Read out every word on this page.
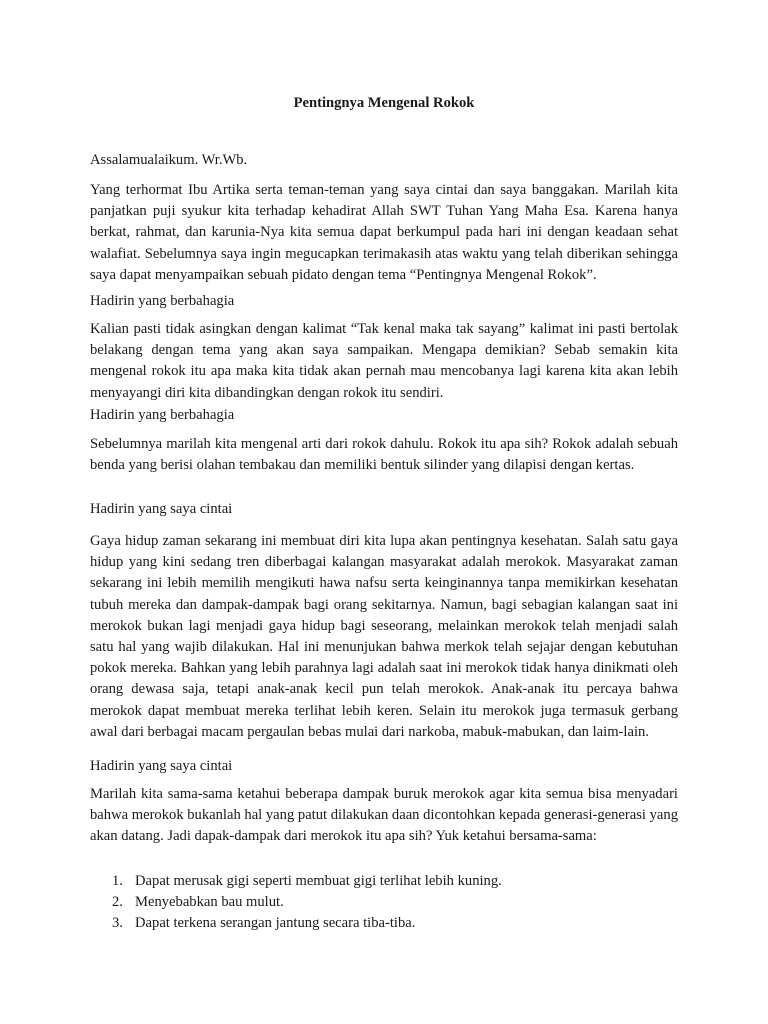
Pentingnya Mengenal Rokok

Assalamualaikum. Wr.Wb.

Yang terhormat Ibu Artika serta teman-teman yang saya cintai dan saya banggakan. Marilah kita panjatkan puji syukur kita terhadap kehadirat Allah SWT Tuhan Yang Maha Esa. Karena hanya berkat, rahmat, dan karunia-Nya kita semua dapat berkumpul pada hari ini dengan keadaan sehat walafiat. Sebelumnya saya ingin megucapkan terimakasih atas waktu yang telah diberikan sehingga saya dapat menyampaikan sebuah pidato dengan tema “Pentingnya Mengenal Rokok”.

Hadirin yang berbahagia

Kalian pasti tidak asingkan dengan kalimat “Tak kenal maka tak sayang” kalimat ini pasti bertolak belakang dengan tema yang akan saya sampaikan. Mengapa demikian? Sebab semakin kita mengenal rokok itu apa maka kita tidak akan pernah mau mencobanya lagi karena kita akan lebih menyayangi diri kita dibandingkan dengan rokok itu sendiri.

Hadirin yang berbahagia

Sebelumnya marilah kita mengenal arti dari rokok dahulu. Rokok itu apa sih? Rokok adalah sebuah benda yang berisi olahan tembakau dan memiliki bentuk silinder yang dilapisi dengan kertas.

Hadirin yang saya cintai

Gaya hidup zaman sekarang ini membuat diri kita lupa akan pentingnya kesehatan. Salah satu gaya hidup yang kini sedang tren diberbagai kalangan masyarakat adalah merokok. Masyarakat zaman sekarang ini lebih memilih mengikuti hawa nafsu serta keinginannya tanpa memikirkan kesehatan tubuh mereka dan dampak-dampak bagi orang sekitarnya. Namun, bagi sebagian kalangan saat ini merokok bukan lagi menjadi gaya hidup bagi seseorang, melainkan merokok telah menjadi salah satu hal yang wajib dilakukan. Hal ini menunjukan bahwa merkok telah sejajar dengan kebutuhan pokok mereka. Bahkan yang lebih parahnya lagi adalah saat ini merokok tidak hanya dinikmati oleh orang dewasa saja, tetapi anak-anak kecil pun telah merokok. Anak-anak itu percaya bahwa merokok dapat membuat mereka terlihat lebih keren. Selain itu merokok juga termasuk gerbang awal dari berbagai macam pergaulan bebas mulai dari narkoba, mabuk-mabukan, dan laim-lain.

Hadirin yang saya cintai

Marilah kita sama-sama ketahui beberapa dampak buruk merokok agar kita semua bisa menyadari bahwa merokok bukanlah hal yang patut dilakukan daan dicontohkan kepada generasi-generasi yang akan datang. Jadi dapak-dampak dari merokok itu apa sih? Yuk ketahui bersama-sama:

1. Dapat merusak gigi seperti membuat gigi terlihat lebih kuning.
2. Menyebabkan bau mulut.
3. Dapat terkena serangan jantung secara tiba-tiba.
